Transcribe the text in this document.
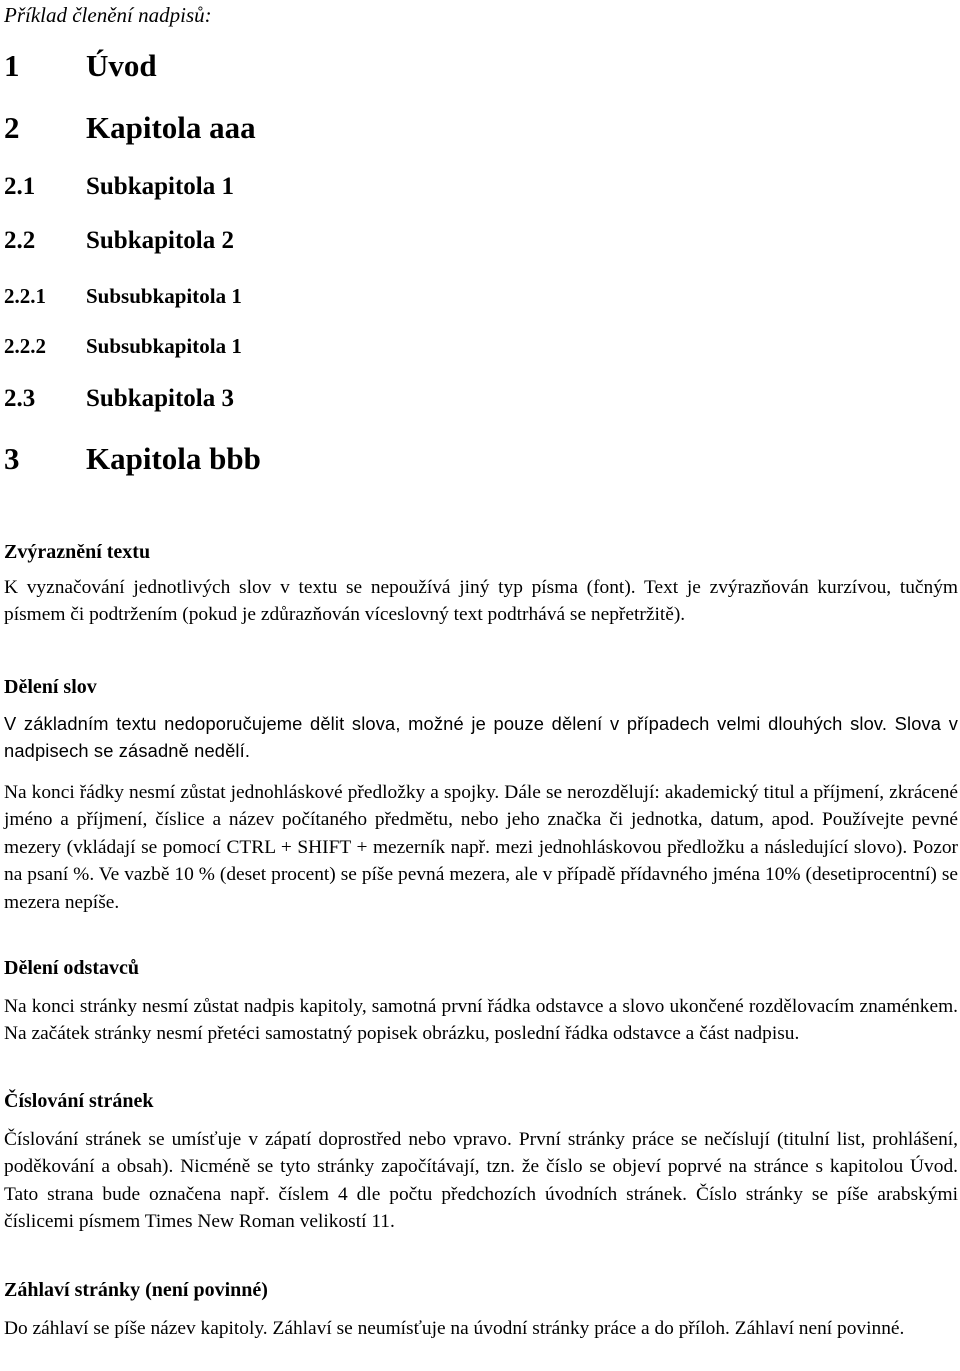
Příklad členění nadpisů:

1 Úvod
2 Kapitola aaa
2.1 Subkapitola 1
2.2 Subkapitola 2
2.2.1 Subsubkapitola 1
2.2.2 Subsubkapitola 1
2.3 Subkapitola 3
3 Kapitola bbb
Zvýraznění textu

K vyznačování jednotlivých slov v textu se nepoužívá jiný typ písma (font). Text je zvýrazňován kurzívou, tučným písmem či podtržením (pokud je zdůrazňován víceslovný text podtrhává se nepřetržitě).

Dělení slov

V základním textu nedoporučujeme dělit slova, možné je pouze dělení v případech velmi dlouhých slov. Slova v nadpisech se zásadně nedělí.

Na konci řádky nesmí zůstat jednohláskové předložky a spojky. Dále se nerozdělují: akademický titul a příjmení, zkrácené jméno a příjmení, číslice a název počítaného předmětu, nebo jeho značka či jednotka, datum, apod. Používejte pevné mezery (vkládají se pomocí CTRL + SHIFT + mezerník např. mezi jednohláskovou předložku a následující slovo). Pozor na psaní %. Ve vazbě 10 % (deset procent) se píše pevná mezera, ale v případě přídavného jména 10% (desetiprocentní) se mezera nepíše.

Dělení odstavců

Na konci stránky nesmí zůstat nadpis kapitoly, samotná první řádka odstavce a slovo ukončené rozdělovacím znaménkem. Na začátek stránky nesmí přetéci samostatný popisek obrázku, poslední řádka odstavce a část nadpisu.

Číslování stránek

Číslování stránek se umísťuje v zápatí doprostřed nebo vpravo. První stránky práce se nečíslují (titulní list, prohlášení, poděkování a obsah). Nicméně se tyto stránky započítávají, tzn. že číslo se objeví poprvé na stránce s kapitolou Úvod. Tato strana bude označena např. číslem 4 dle počtu předchozích úvodních stránek. Číslo stránky se píše arabskými číslicemi písmem Times New Roman velikostí 11.

Záhlaví stránky (není povinné)

Do záhlaví se píše název kapitoly. Záhlaví se neumísťuje na úvodní stránky práce a do příloh. Záhlaví není povinné.
